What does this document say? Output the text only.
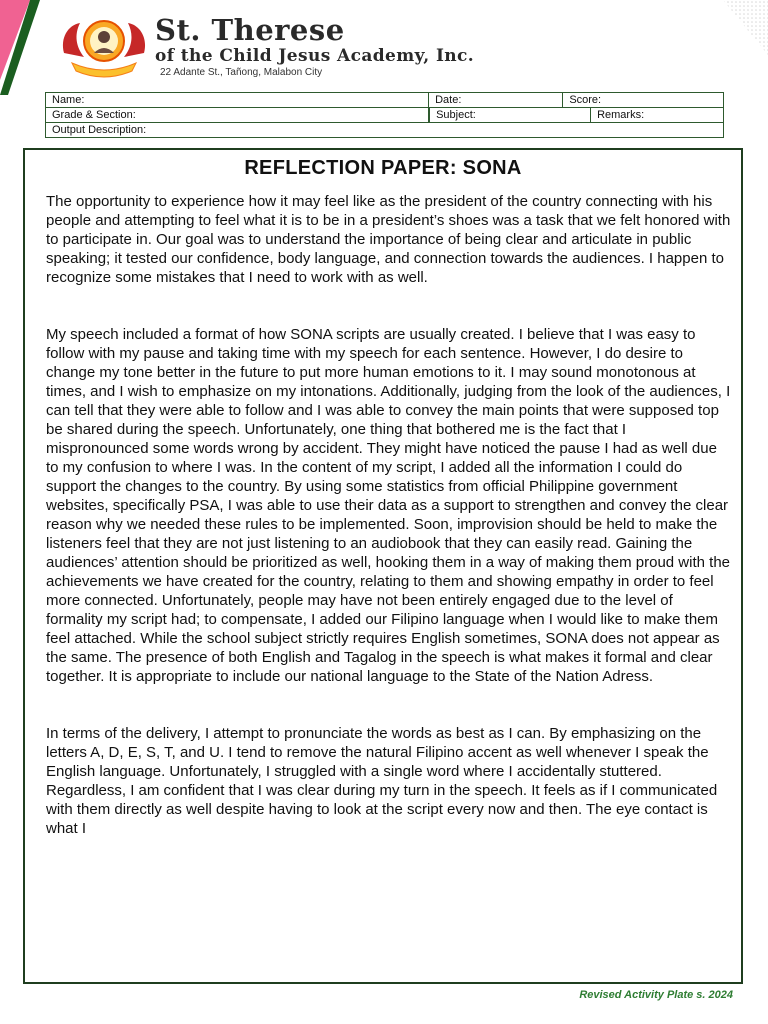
St. Therese
of the Child Jesus Academy, Inc.
22 Adante St., Tañong, Malabon City
Name:	Date:	Score:
Grade & Section:	Subject: Remarks:	

Output Description:		
REFLECTION PAPER: SONA

The opportunity to experience how it may feel like as the president of the country connecting with his people and attempting to feel what it is to be in a president’s shoes was a task that we felt honored with to participate in. Our goal was to understand the importance of being clear and articulate in public speaking; it tested our confidence, body language, and connection towards the audiences. I happen to recognize some mistakes that I need to work with as well.

My speech included a format of how SONA scripts are usually created. I believe that I was easy to follow with my pause and taking time with my speech for each sentence. However, I do desire to change my tone better in the future to put more human emotions to it. I may sound monotonous at times, and I wish to emphasize on my intonations. Additionally, judging from the look of the audiences, I can tell that they were able to follow and I was able to convey the main points that were supposed top be shared during the speech. Unfortunately, one thing that bothered me is the fact that I mispronounced some words wrong by accident. They might have noticed the pause I had as well due to my confusion to where I was. In the content of my script, I added all the information I could do support the changes to the country. By using some statistics from official Philippine government websites, specifically PSA, I was able to use their data as a support to strengthen and convey the clear reason why we needed these rules to be implemented. Soon, improvision should be held to make the listeners feel that they are not just listening to an audiobook that they can easily read. Gaining the audiences’ attention should be prioritized as well, hooking them in a way of making them proud with the achievements we have created for the country, relating to them and showing empathy in order to feel more connected. Unfortunately, people may have not been entirely engaged due to the level of formality my script had; to compensate, I added our Filipino language when I would like to make them feel attached. While the school subject strictly requires English sometimes, SONA does not appear as the same. The presence of both English and Tagalog in the speech is what makes it formal and clear together. It is appropriate to include our national language to the State of the Nation Adress.

In terms of the delivery, I attempt to pronunciate the words as best as I can. By emphasizing on the letters A, D, E, S, T, and U. I tend to remove the natural Filipino accent as well whenever I speak the English language. Unfortunately, I struggled with a single word where I accidentally stuttered. Regardless, I am confident that I was clear during my turn in the speech. It feels as if I communicated with them directly as well despite having to look at the script every now and then. The eye contact is what I

Revised Activity Plate s. 2024
